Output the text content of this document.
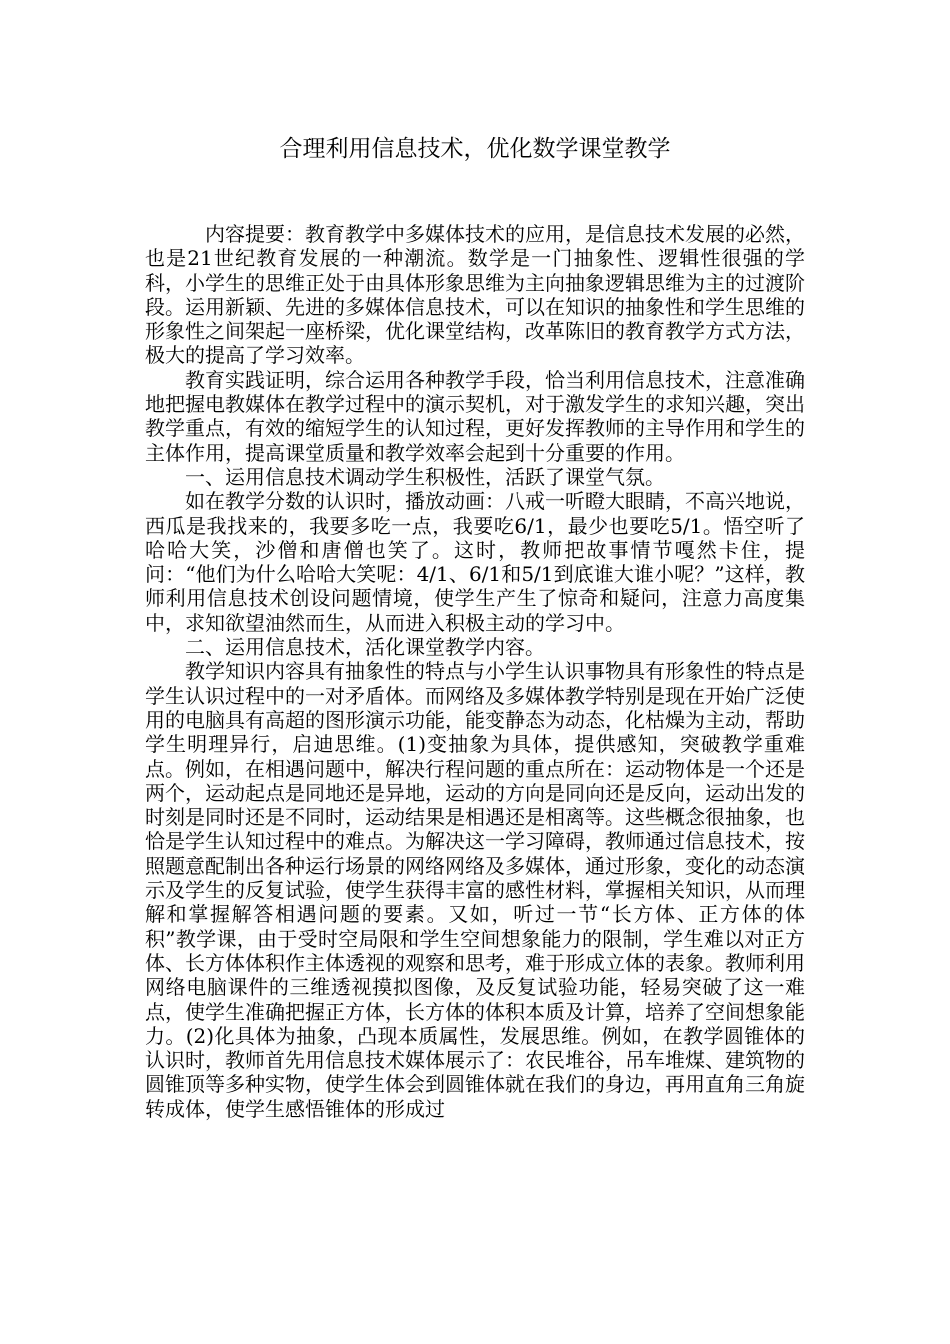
合理利用信息技术，优化数学课堂教学

内容提要：教育教学中多媒体技术的应用，是信息技术发展的必然，也是21世纪教育发展的一种潮流。数学是一门抽象性、逻辑性很强的学科，小学生的思维正处于由具体形象思维为主向抽象逻辑思维为主的过渡阶段。运用新颖、先进的多媒体信息技术，可以在知识的抽象性和学生思维的形象性之间架起一座桥梁，优化课堂结构，改革陈旧的教育教学方式方法，极大的提高了学习效率。

教育实践证明，综合运用各种教学手段，恰当利用信息技术，注意准确地把握电教媒体在教学过程中的演示契机，对于激发学生的求知兴趣，突出教学重点，有效的缩短学生的认知过程，更好发挥教师的主导作用和学生的主体作用，提高课堂质量和教学效率会起到十分重要的作用。

一、运用信息技术调动学生积极性，活跃了课堂气氛。

如在教学分数的认识时，播放动画：八戒一听瞪大眼睛，不高兴地说，西瓜是我找来的，我要多吃一点，我要吃6/1，最少也要吃5/1。悟空听了哈哈大笑，沙僧和唐僧也笑了。这时，教师把故事情节嘎然卡住，提问：“他们为什么哈哈大笑呢：4/1、6/1和5/1到底谁大谁小呢？”这样，教师利用信息技术创设问题情境，使学生产生了惊奇和疑问，注意力高度集中，求知欲望油然而生，从而进入积极主动的学习中。

二、运用信息技术，活化课堂教学内容。

教学知识内容具有抽象性的特点与小学生认识事物具有形象性的特点是学生认识过程中的一对矛盾体。而网络及多媒体教学特别是现在开始广泛使用的电脑具有高超的图形演示功能，能变静态为动态，化枯燥为主动，帮助学生明理异行，启迪思维。(1)变抽象为具体，提供感知，突破教学重难点。例如，在相遇问题中，解决行程问题的重点所在：运动物体是一个还是两个，运动起点是同地还是异地，运动的方向是同向还是反向，运动出发的时刻是同时还是不同时，运动结果是相遇还是相离等。这些概念很抽象，也恰是学生认知过程中的难点。为解决这一学习障碍，教师通过信息技术，按照题意配制出各种运行场景的网络网络及多媒体，通过形象，变化的动态演示及学生的反复试验，使学生获得丰富的感性材料，掌握相关知识，从而理解和掌握解答相遇问题的要素。又如，听过一节“长方体、正方体的体积”教学课，由于受时空局限和学生空间想象能力的限制，学生难以对正方体、长方体体积作主体透视的观察和思考，难于形成立体的表象。教师利用网络电脑课件的三维透视摸拟图像，及反复试验功能，轻易突破了这一难点，使学生准确把握正方体，长方体的体积本质及计算，培养了空间想象能力。(2)化具体为抽象，凸现本质属性，发展思维。例如，在教学圆锥体的认识时，教师首先用信息技术媒体展示了：农民堆谷，吊车堆煤、建筑物的圆锥顶等多种实物，使学生体会到圆锥体就在我们的身边，再用直角三角旋转成体，使学生感悟锥体的形成过
